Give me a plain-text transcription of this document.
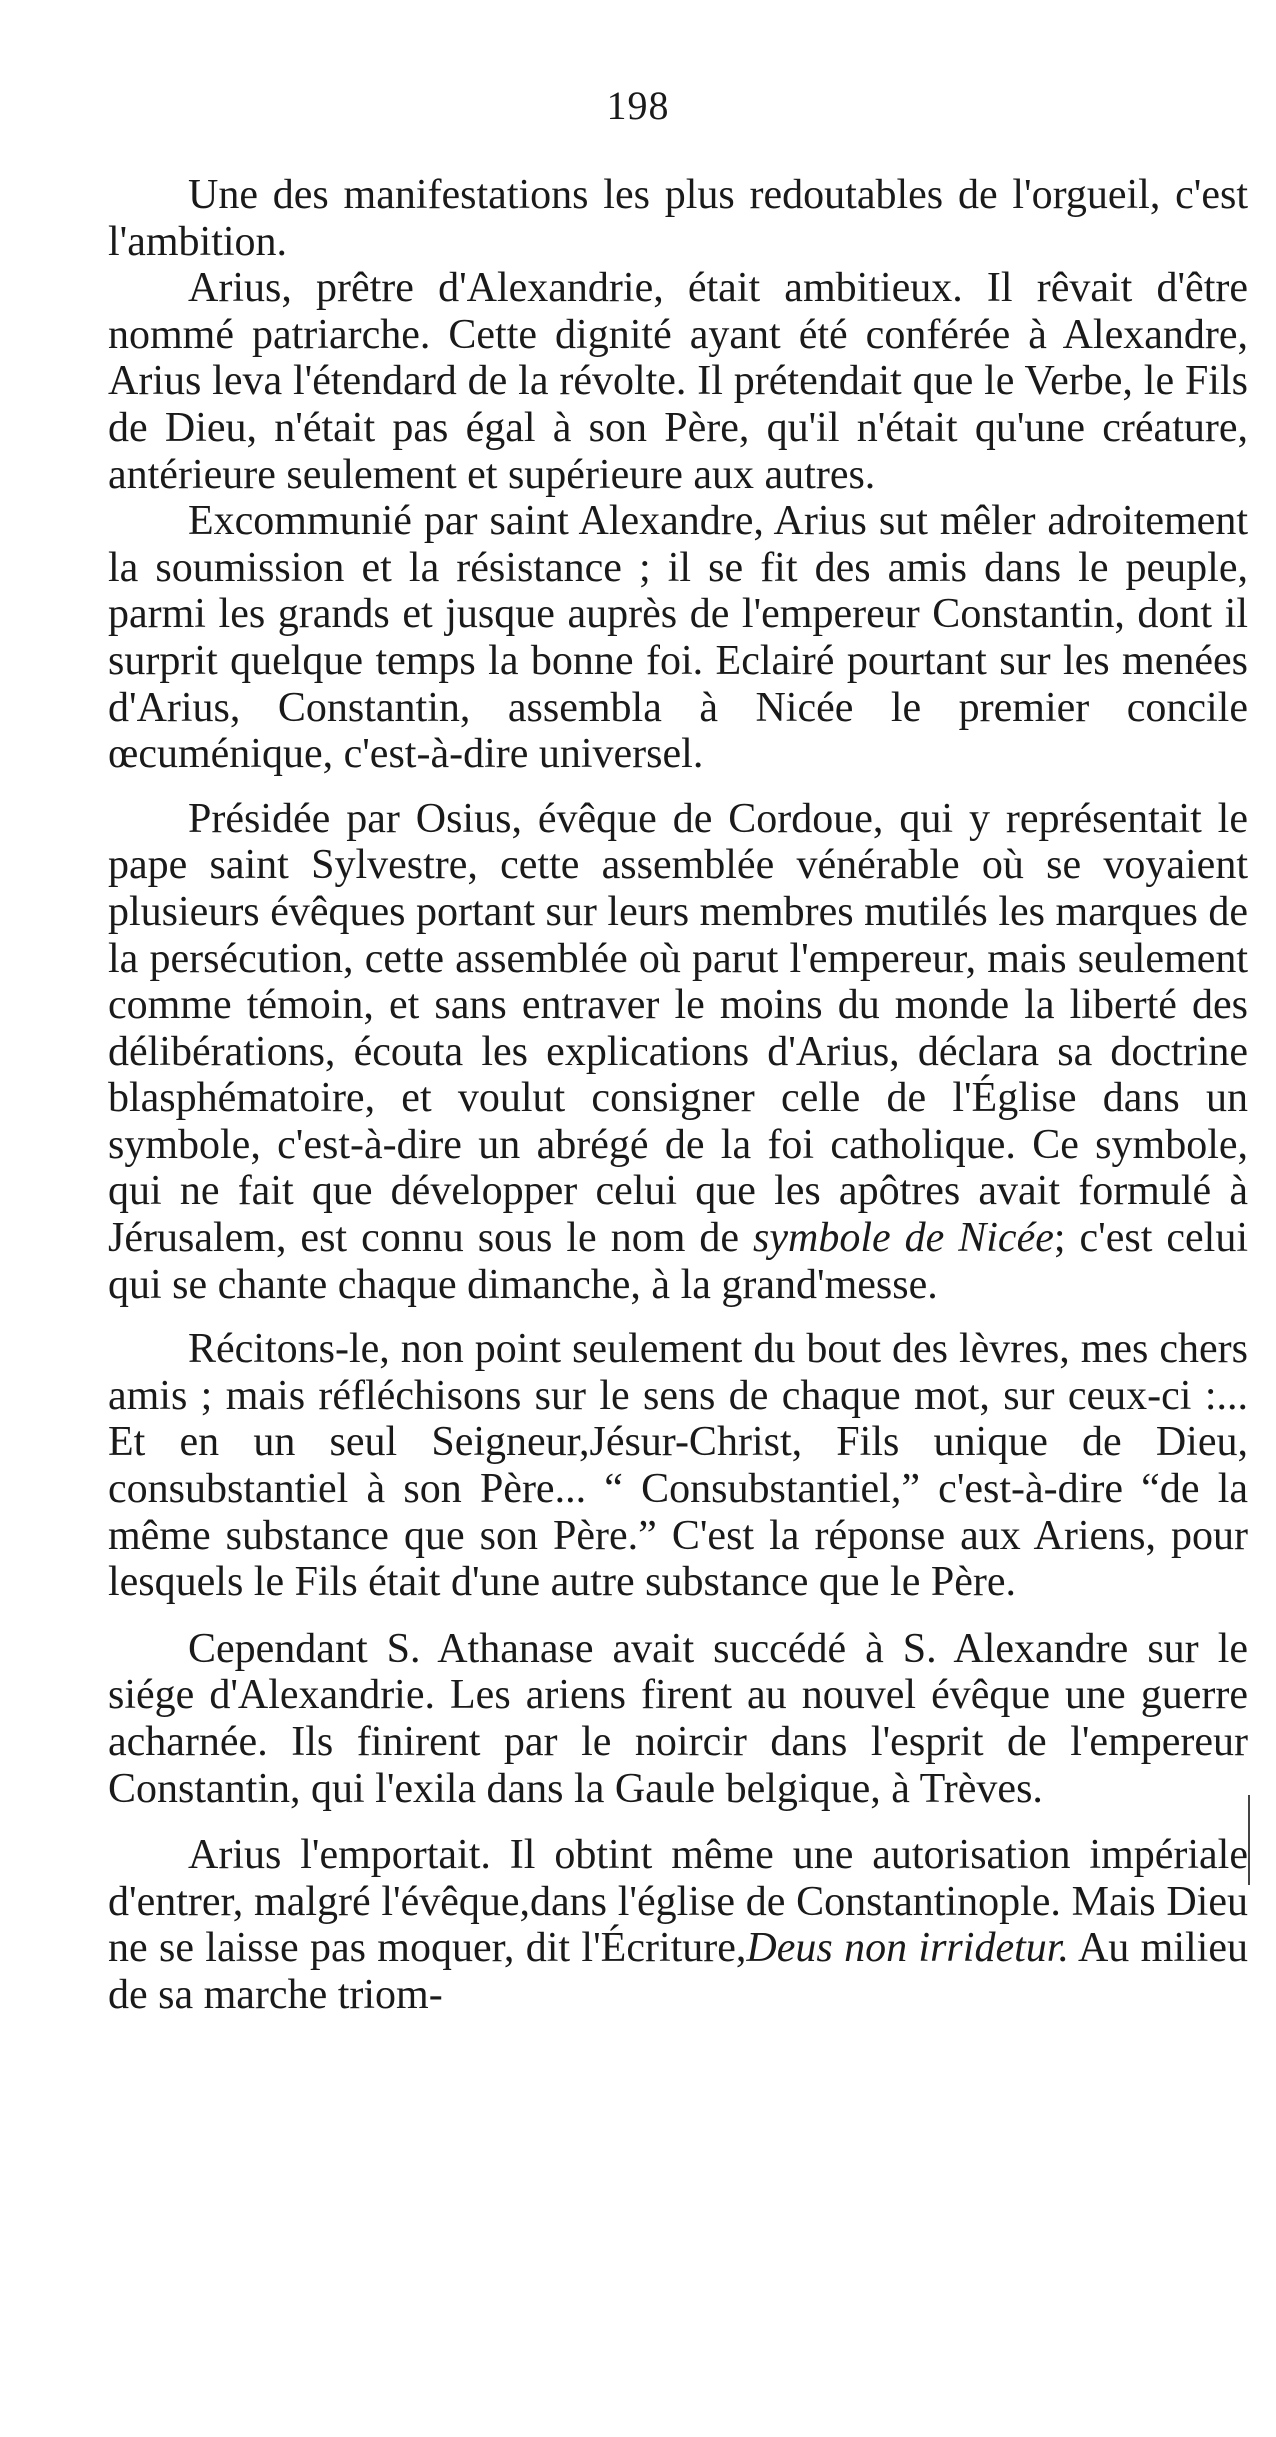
198

Une des manifestations les plus redoutables de l'orgueil, c'est l'ambition.

Arius, prêtre d'Alexandrie, était ambitieux. Il rêvait d'être nommé patriarche. Cette dignité ayant été conférée à Alexandre, Arius leva l'étendard de la révolte. Il prétendait que le Verbe, le Fils de Dieu, n'était pas égal à son Père, qu'il n'était qu'une créature, antérieure seulement et supérieure aux autres.

Excommunié par saint Alexandre, Arius sut mêler adroitement la soumission et la résistance ; il se fit des amis dans le peuple, parmi les grands et jusque auprès de l'empereur Constantin, dont il surprit quelque temps la bonne foi. Eclairé pourtant sur les menées d'Arius, Constantin, assembla à Nicée le premier concile œcuménique, c'est-à-dire universel.

Présidée par Osius, évêque de Cordoue, qui y représentait le pape saint Sylvestre, cette assemblée vénérable où se voyaient plusieurs évêques portant sur leurs membres mutilés les marques de la persécution, cette assemblée où parut l'empereur, mais seulement comme témoin, et sans entraver le moins du monde la liberté des délibérations, écouta les explications d'Arius, déclara sa doctrine blasphématoire, et voulut consigner celle de l'Église dans un symbole, c'est-à-dire un abrégé de la foi catholique. Ce symbole, qui ne fait que développer celui que les apôtres avait formulé à Jérusalem, est connu sous le nom de symbole de Nicée; c'est celui qui se chante chaque dimanche, à la grand'messe.

Récitons-le, non point seulement du bout des lèvres, mes chers amis ; mais réfléchisons sur le sens de chaque mot, sur ceux-ci :... Et en un seul Seigneur,Jésur-Christ, Fils unique de Dieu, consubstantiel à son Père... “ Consubstantiel,” c'est-à-dire “de la même substance que son Père.” C'est la réponse aux Ariens, pour lesquels le Fils était d'une autre substance que le Père.

Cependant S. Athanase avait succédé à S. Alexandre sur le siége d'Alexandrie. Les ariens firent au nouvel évêque une guerre acharnée. Ils finirent par le noircir dans l'esprit de l'empereur Constantin, qui l'exila dans la Gaule belgique, à Trèves.

Arius l'emportait. Il obtint même une autorisation impériale d'entrer, malgré l'évêque,dans l'église de Constantinople. Mais Dieu ne se laisse pas moquer, dit l'Écriture,Deus non irridetur. Au milieu de sa marche triom-
